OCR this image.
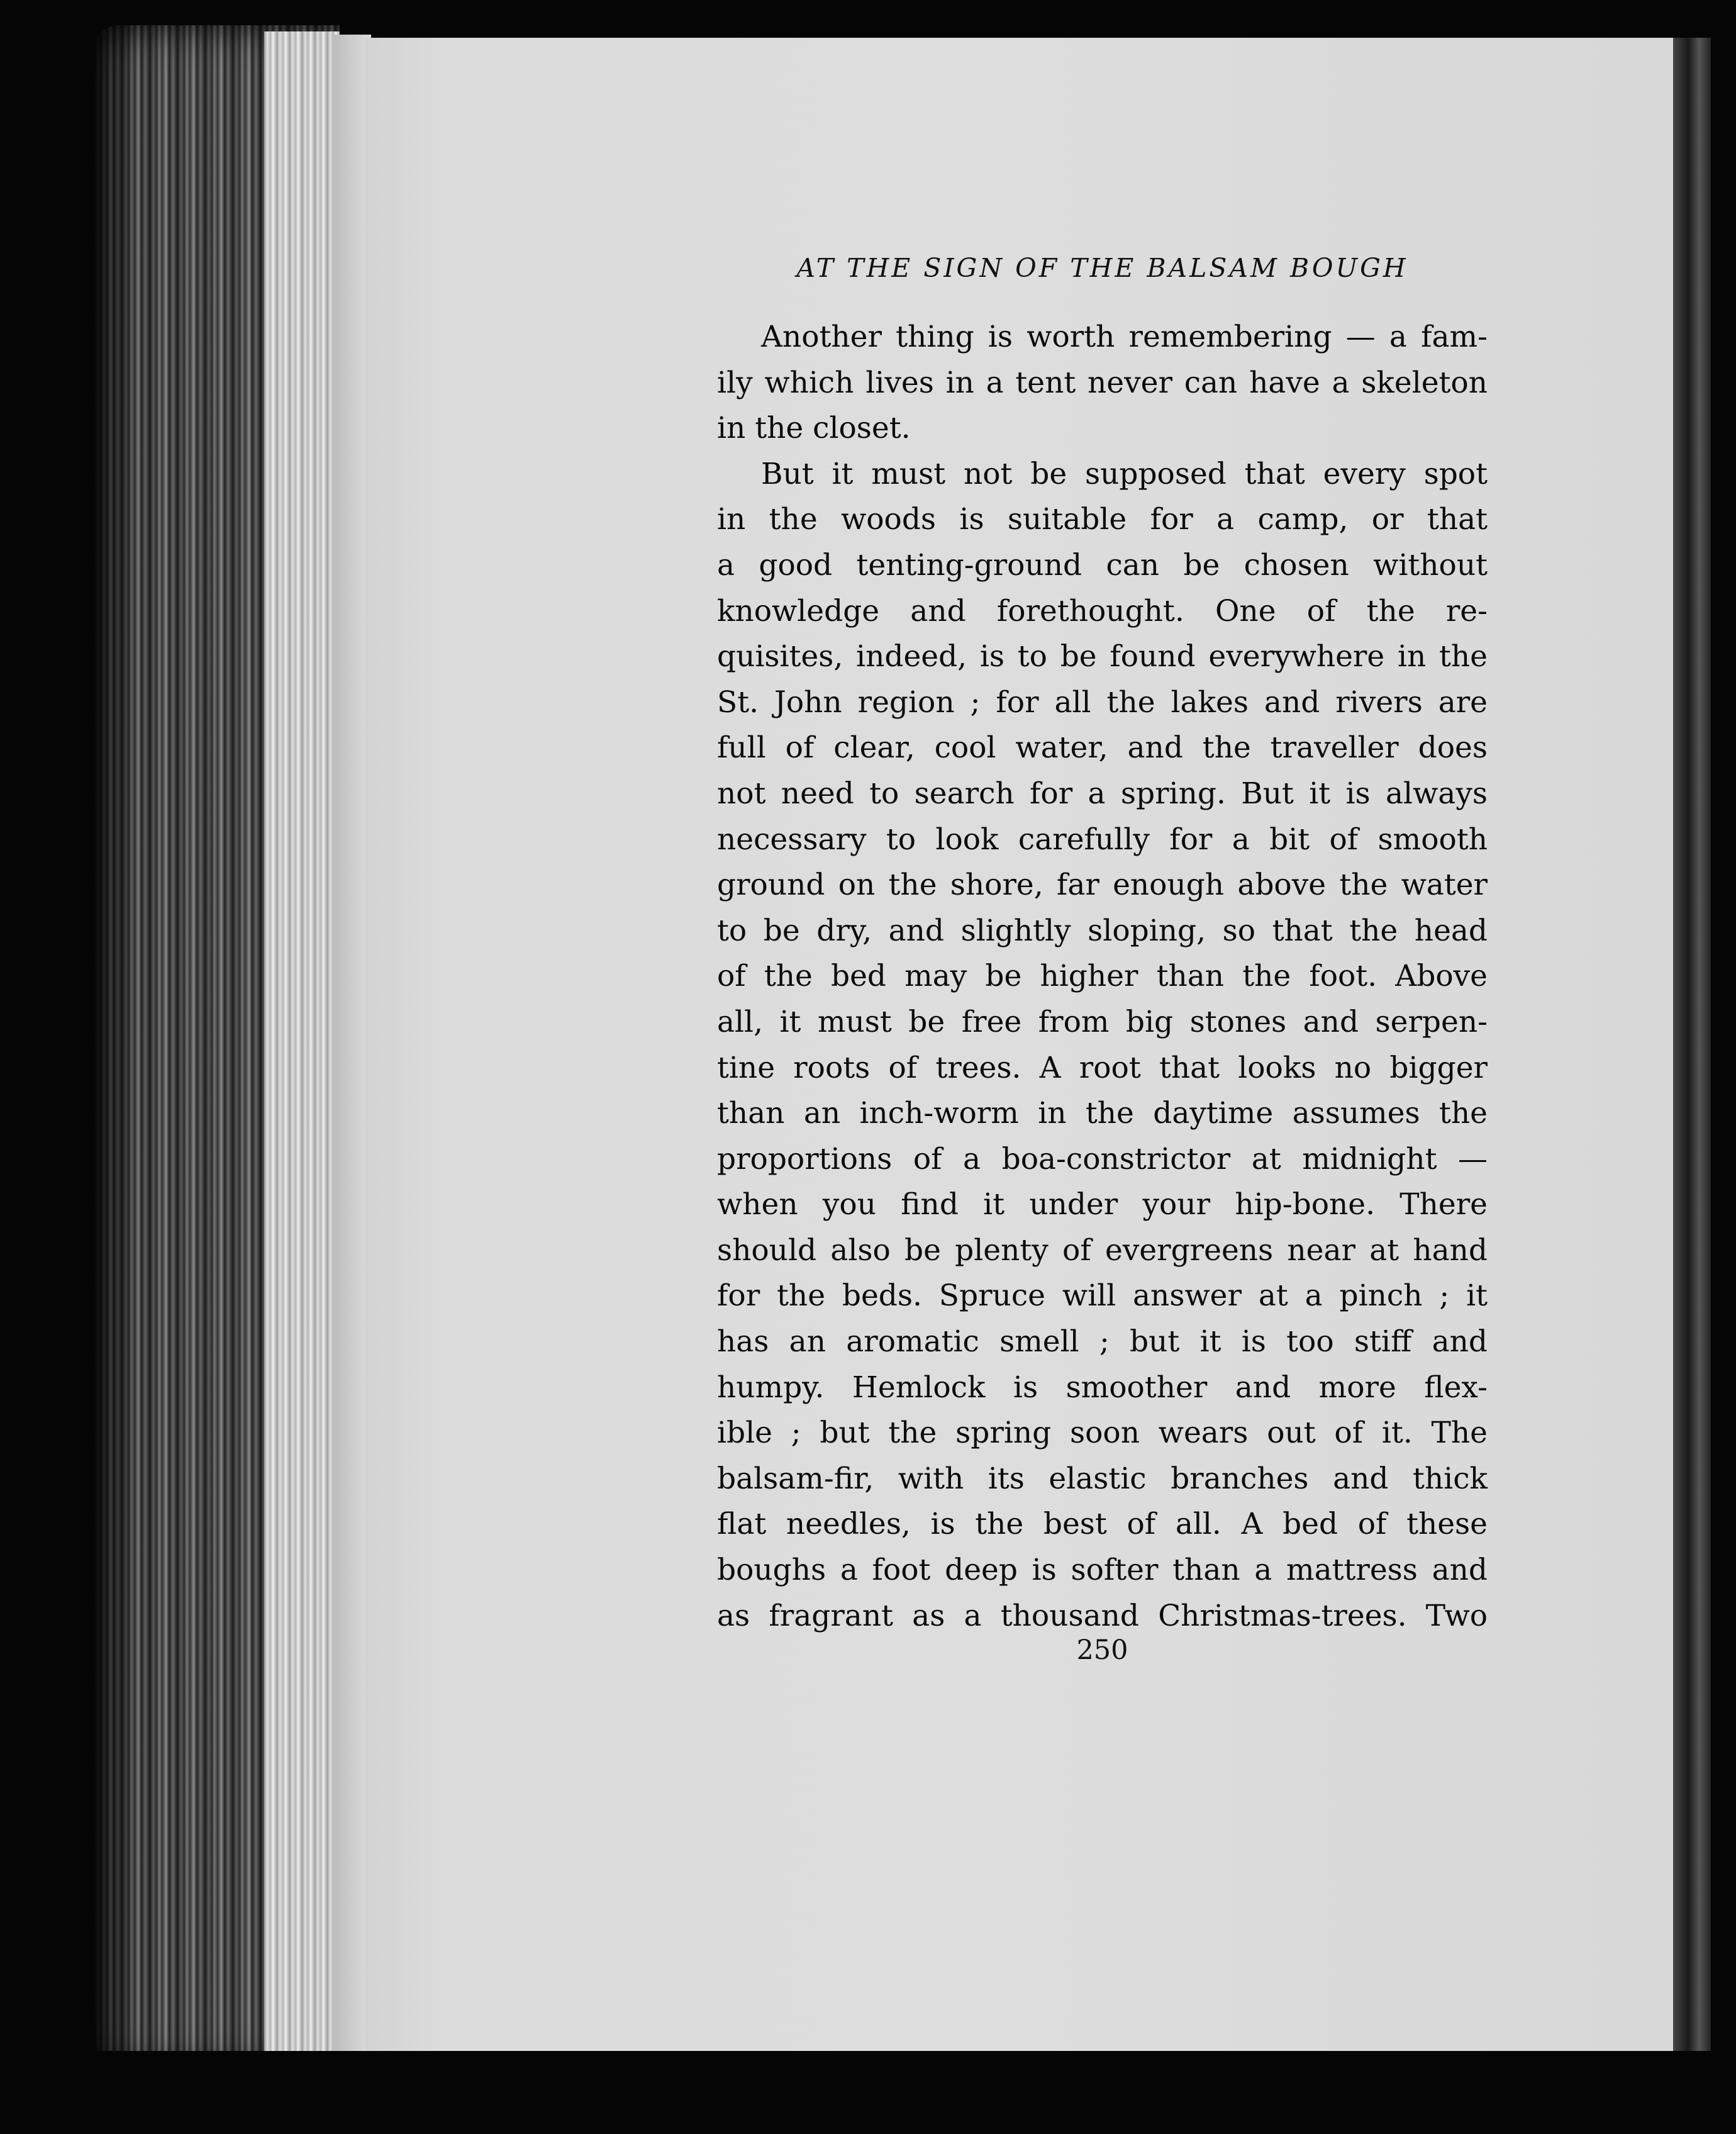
AT THE SIGN OF THE BALSAM BOUGH

Another thing is worth remembering — a fam-
ily which lives in a tent never can have a skeleton
in the closet.
But it must not be supposed that every spot
in the woods is suitable for a camp, or that
a good tenting-ground can be chosen without
knowledge and forethought. One of the re-
quisites, indeed, is to be found everywhere in the
St. John region ; for all the lakes and rivers are
full of clear, cool water, and the traveller does
not need to search for a spring. But it is always
necessary to look carefully for a bit of smooth
ground on the shore, far enough above the water
to be dry, and slightly sloping, so that the head
of the bed may be higher than the foot. Above
all, it must be free from big stones and serpen-
tine roots of trees. A root that looks no bigger
than an inch-worm in the daytime assumes the
proportions of a boa-constrictor at midnight —
when you find it under your hip-bone. There
should also be plenty of evergreens near at hand
for the beds. Spruce will answer at a pinch ; it
has an aromatic smell ; but it is too stiff and
humpy. Hemlock is smoother and more flex-
ible ; but the spring soon wears out of it. The
balsam-fir, with its elastic branches and thick
flat needles, is the best of all. A bed of these
boughs a foot deep is softer than a mattress and
as fragrant as a thousand Christmas-trees. Two

250
